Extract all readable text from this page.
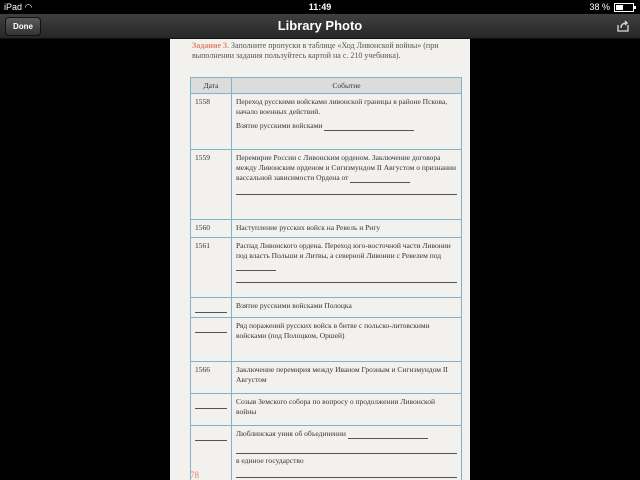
iPad ◠	11:49	38 %
Done	Library Photo
Задание 3. Заполните пропуски в таблице «Ход Ливонской войны» (при выполнении задания пользуйтесь картой на с. 210 учебника).
Дата	Событие
1558	Переход русскими войсками ливонской границы в районе Пскова, начало военных действий.
Взятие русскими войсками

1559	Перемирие России с Ливонским орденом. Заключение договора между Ливонским орденом и Сигизмундом II Августом о признании вассальной зависимости Ордена от

1560	Наступление русских войск на Ревель и Ригу
1561	Распад Ливонского ордена. Переход юго-восточной части Ливонии под власть Польши и Литвы, а северной Ливонии с Ревелем под

	Взятие русскими войсками Полоцка

	Ряд поражений русских войск в битве с польско-литовскими войсками (под Полоцком, Оршей)
1566	Заключение перемирия между Иваном Грозным и Сигизмундом II Августом

	Созыв Земского собора по вопросу о продолжении Ливонской войны

	Люблинская уния об объединении
в единое государство
78
